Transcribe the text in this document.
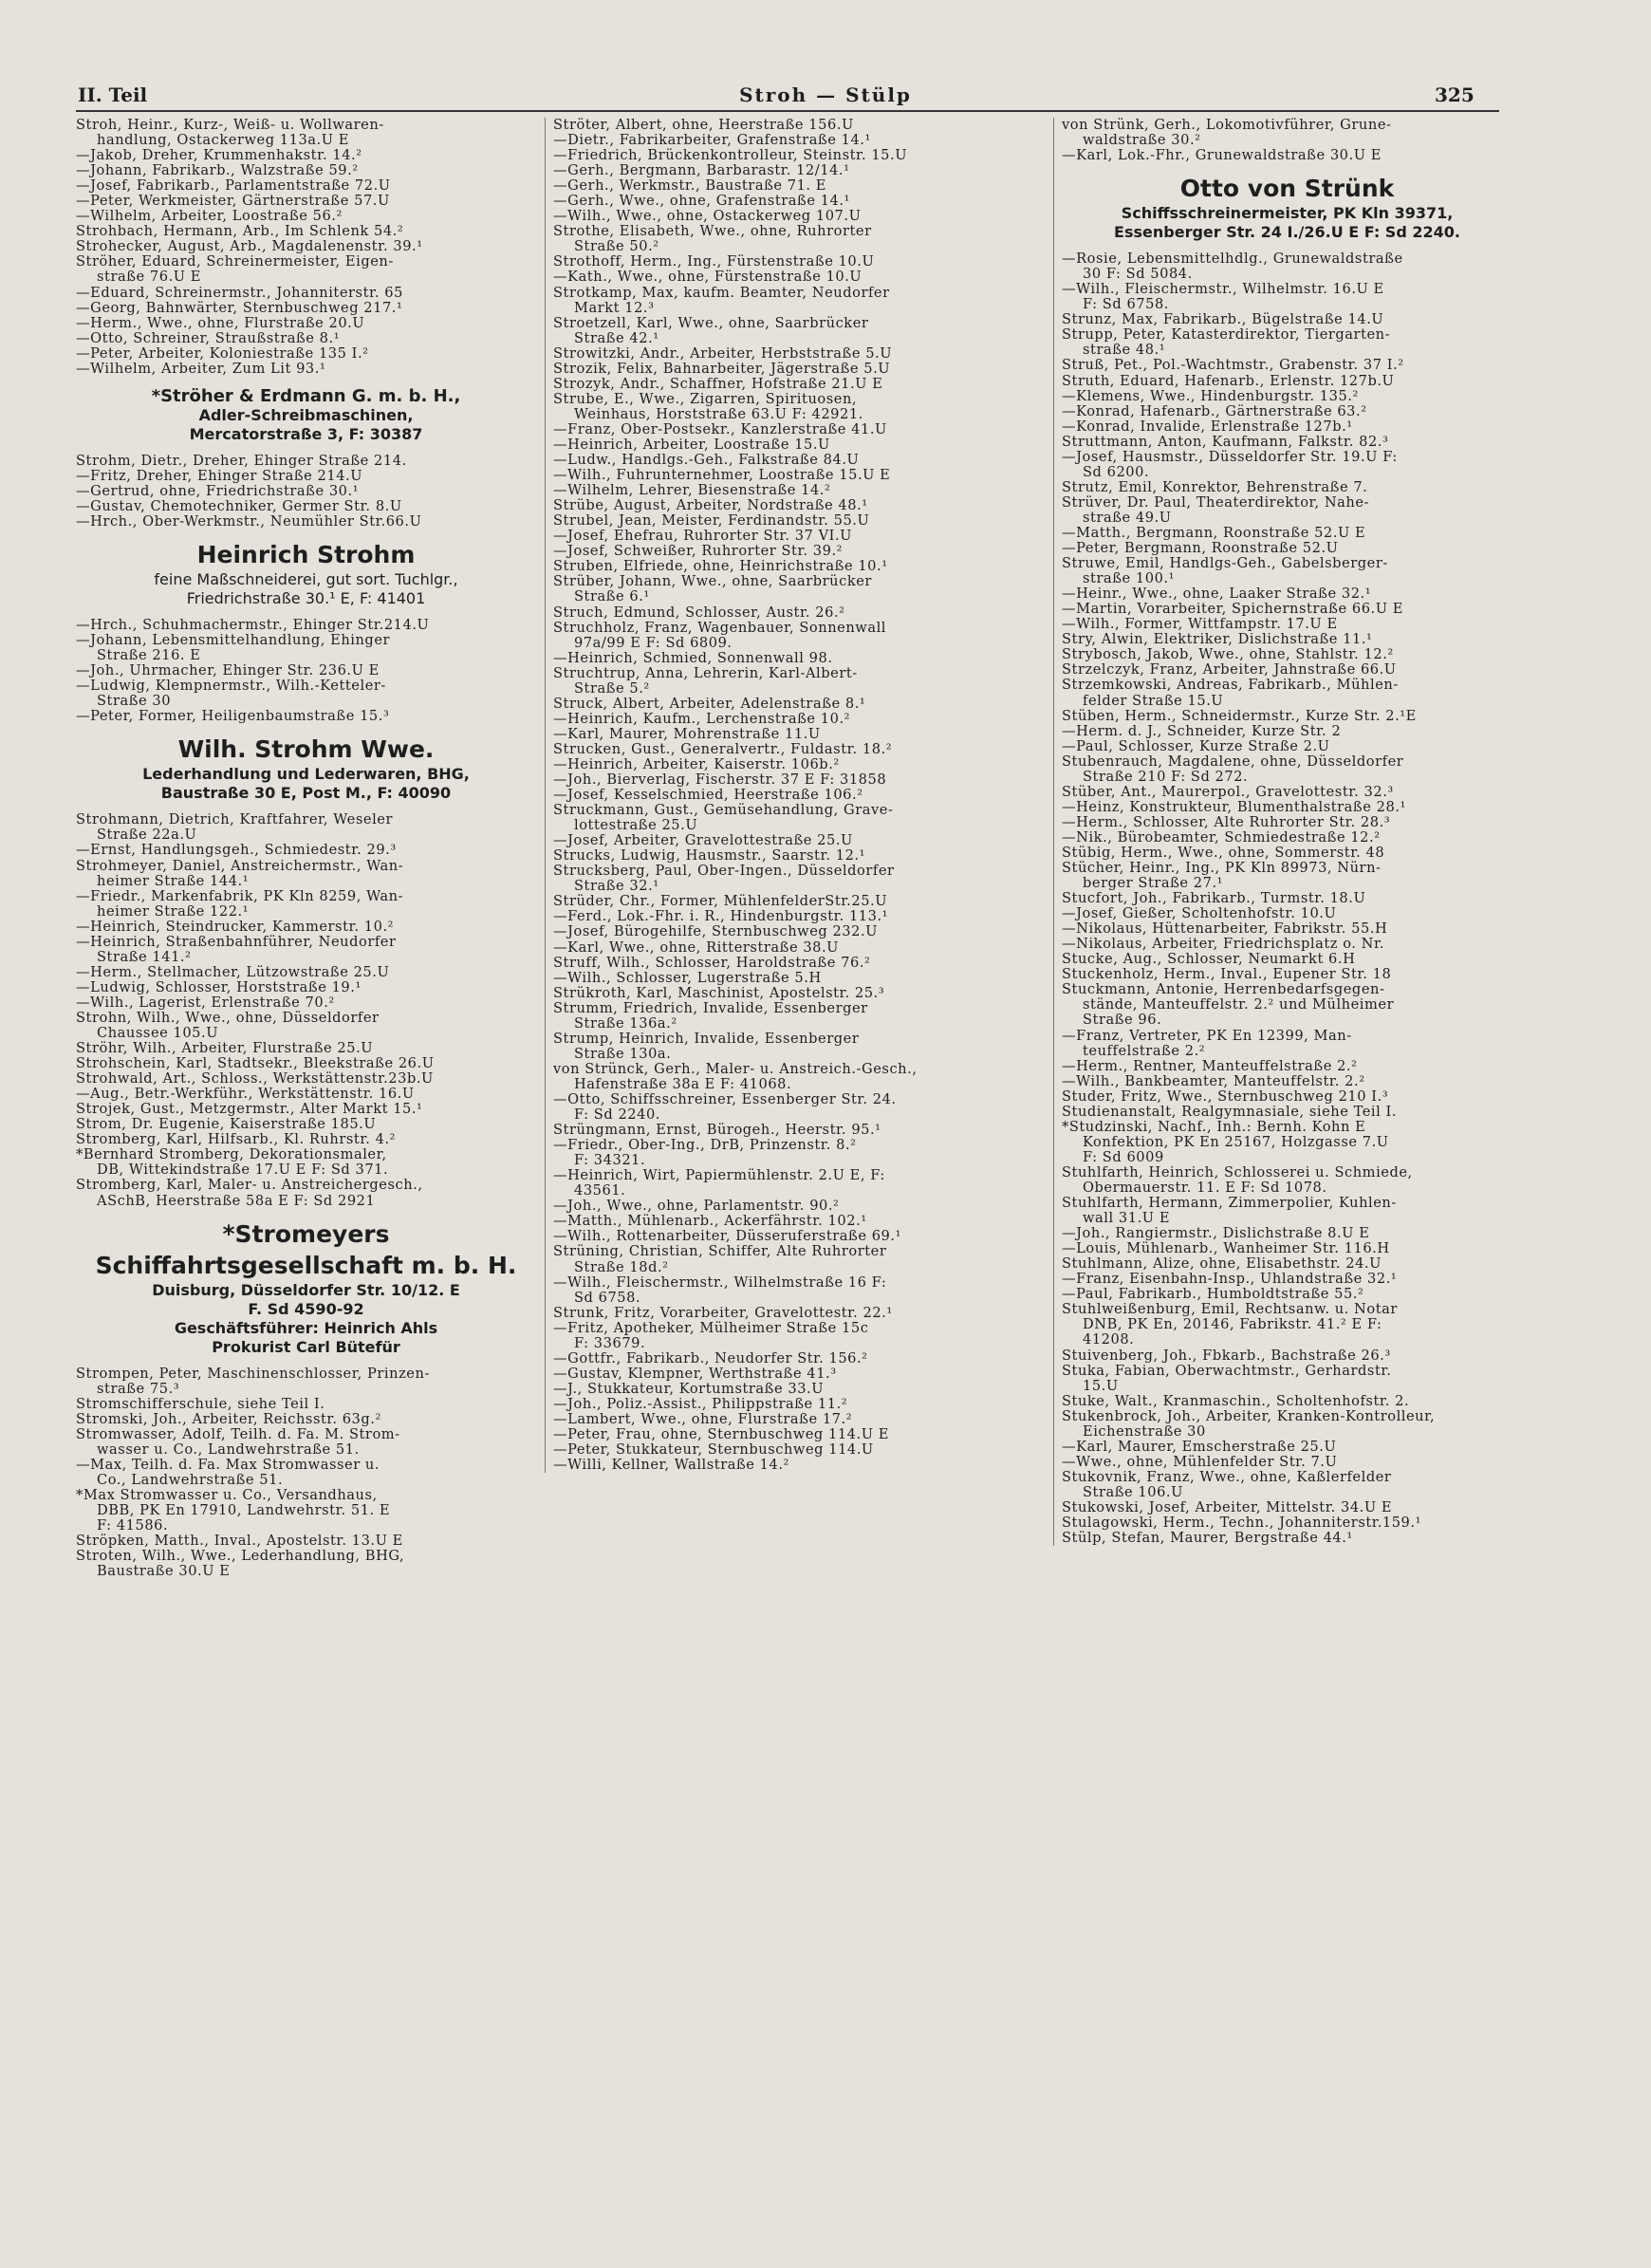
II. Teil	Stroh — Stülp	325
Stroh, Heinr., Kurz-, Weiß- u. Wollwaren-
handlung, Ostackerweg 113a.U E
—Jakob, Dreher, Krummenhakstr. 14.²
—Johann, Fabrikarb., Walzstraße 59.²
—Josef, Fabrikarb., Parlamentstraße 72.U
—Peter, Werkmeister, Gärtnerstraße 57.U
—Wilhelm, Arbeiter, Loostraße 56.²
Strohbach, Hermann, Arb., Im Schlenk 54.²
Strohecker, August, Arb., Magdalenenstr. 39.¹
Ströher, Eduard, Schreinermeister, Eigen-
straße 76.U E
—Eduard, Schreinermstr., Johanniterstr. 65
—Georg, Bahnwärter, Sternbuschweg 217.¹
—Herm., Wwe., ohne, Flurstraße 20.U
—Otto, Schreiner, Straußstraße 8.¹
—Peter, Arbeiter, Koloniestraße 135 I.²
—Wilhelm, Arbeiter, Zum Lit 93.¹
*Ströher & Erdmann G. m. b. H.,
Adler-Schreibmaschinen,
Mercatorstraße 3, F: 30387
Strohm, Dietr., Dreher, Ehinger Straße 214.
—Fritz, Dreher, Ehinger Straße 214.U
—Gertrud, ohne, Friedrichstraße 30.¹
—Gustav, Chemotechniker, Germer Str. 8.U
—Hrch., Ober-Werkmstr., Neumühler Str.66.U
Heinrich Strohm
feine Maßschneiderei, gut sort. Tuchlgr.,
Friedrichstraße 30.¹ E, F: 41401
—Hrch., Schuhmachermstr., Ehinger Str.214.U
—Johann, Lebensmittelhandlung, Ehinger
Straße 216. E
—Joh., Uhrmacher, Ehinger Str. 236.U E
—Ludwig, Klempnermstr., Wilh.-Ketteler-
Straße 30
—Peter, Former, Heiligenbaumstraße 15.³
Wilh. Strohm Wwe.
Lederhandlung und Lederwaren, BHG,
Baustraße 30 E, Post M., F: 40090
Strohmann, Dietrich, Kraftfahrer, Weseler
Straße 22a.U
—Ernst, Handlungsgeh., Schmiedestr. 29.³
Strohmeyer, Daniel, Anstreichermstr., Wan-
heimer Straße 144.¹
—Friedr., Markenfabrik, PK Kln 8259, Wan-
heimer Straße 122.¹
—Heinrich, Steindrucker, Kammerstr. 10.²
—Heinrich, Straßenbahnführer, Neudorfer
Straße 141.²
—Herm., Stellmacher, Lützowstraße 25.U
—Ludwig, Schlosser, Horststraße 19.¹
—Wilh., Lagerist, Erlenstraße 70.²
Strohn, Wilh., Wwe., ohne, Düsseldorfer
Chaussee 105.U
Ströhr, Wilh., Arbeiter, Flurstraße 25.U
Strohschein, Karl, Stadtsekr., Bleekstraße 26.U
Strohwald, Art., Schloss., Werkstättenstr.23b.U
—Aug., Betr.-Werkführ., Werkstättenstr. 16.U
Strojek, Gust., Metzgermstr., Alter Markt 15.¹
Strom, Dr. Eugenie, Kaiserstraße 185.U
Stromberg, Karl, Hilfsarb., Kl. Ruhrstr. 4.²
*Bernhard Stromberg, Dekorationsmaler,
DB, Wittekindstraße 17.U E F: Sd 371.
Stromberg, Karl, Maler- u. Anstreichergesch.,
ASchB, Heerstraße 58a E F: Sd 2921
*Stromeyers
Schiffahrtsgesellschaft m. b. H.
Duisburg, Düsseldorfer Str. 10/12. E
F. Sd 4590-92
Geschäftsführer: Heinrich Ahls
Prokurist Carl Bütefür
Strompen, Peter, Maschinenschlosser, Prinzen-
straße 75.³
Stromschifferschule, siehe Teil I.
Stromski, Joh., Arbeiter, Reichsstr. 63g.²
Stromwasser, Adolf, Teilh. d. Fa. M. Strom-
wasser u. Co., Landwehrstraße 51.
—Max, Teilh. d. Fa. Max Stromwasser u.
Co., Landwehrstraße 51.
*Max Stromwasser u. Co., Versandhaus,
DBB, PK En 17910, Landwehrstr. 51. E
F: 41586.
Ströpken, Matth., Inval., Apostelstr. 13.U E
Stroten, Wilh., Wwe., Lederhandlung, BHG,
Baustraße 30.U E
Ströter, Albert, ohne, Heerstraße 156.U
—Dietr., Fabrikarbeiter, Grafenstraße 14.¹
—Friedrich, Brückenkontrolleur, Steinstr. 15.U
—Gerh., Bergmann, Barbarastr. 12/14.¹
—Gerh., Werkmstr., Baustraße 71. E
—Gerh., Wwe., ohne, Grafenstraße 14.¹
—Wilh., Wwe., ohne, Ostackerweg 107.U
Strothe, Elisabeth, Wwe., ohne, Ruhrorter
Straße 50.²
Strothoff, Herm., Ing., Fürstenstraße 10.U
—Kath., Wwe., ohne, Fürstenstraße 10.U
Strotkamp, Max, kaufm. Beamter, Neudorfer
Markt 12.³
Stroetzell, Karl, Wwe., ohne, Saarbrücker
Straße 42.¹
Strowitzki, Andr., Arbeiter, Herbststraße 5.U
Strozik, Felix, Bahnarbeiter, Jägerstraße 5.U
Strozyk, Andr., Schaffner, Hofstraße 21.U E
Strube, E., Wwe., Zigarren, Spirituosen,
Weinhaus, Horststraße 63.U F: 42921.
—Franz, Ober-Postsekr., Kanzlerstraße 41.U
—Heinrich, Arbeiter, Loostraße 15.U
—Ludw., Handlgs.-Geh., Falkstraße 84.U
—Wilh., Fuhrunternehmer, Loostraße 15.U E
—Wilhelm, Lehrer, Biesenstraße 14.²
Strübe, August, Arbeiter, Nordstraße 48.¹
Strubel, Jean, Meister, Ferdinandstr. 55.U
—Josef, Ehefrau, Ruhrorter Str. 37 VI.U
—Josef, Schweißer, Ruhrorter Str. 39.²
Struben, Elfriede, ohne, Heinrichstraße 10.¹
Strüber, Johann, Wwe., ohne, Saarbrücker
Straße 6.¹
Struch, Edmund, Schlosser, Austr. 26.²
Struchholz, Franz, Wagenbauer, Sonnenwall
97a/99 E F: Sd 6809.
—Heinrich, Schmied, Sonnenwall 98.
Struchtrup, Anna, Lehrerin, Karl-Albert-
Straße 5.²
Struck, Albert, Arbeiter, Adelenstraße 8.¹
—Heinrich, Kaufm., Lerchenstraße 10.²
—Karl, Maurer, Mohrenstraße 11.U
Strucken, Gust., Generalvertr., Fuldastr. 18.²
—Heinrich, Arbeiter, Kaiserstr. 106b.²
—Joh., Bierverlag, Fischerstr. 37 E F: 31858
—Josef, Kesselschmied, Heerstraße 106.²
Struckmann, Gust., Gemüsehandlung, Grave-
lottestraße 25.U
—Josef, Arbeiter, Gravelottestraße 25.U
Strucks, Ludwig, Hausmstr., Saarstr. 12.¹
Strucksberg, Paul, Ober-Ingen., Düsseldorfer
Straße 32.¹
Strüder, Chr., Former, MühlenfelderStr.25.U
—Ferd., Lok.-Fhr. i. R., Hindenburgstr. 113.¹
—Josef, Bürogehilfe, Sternbuschweg 232.U
—Karl, Wwe., ohne, Ritterstraße 38.U
Struff, Wilh., Schlosser, Haroldstraße 76.²
—Wilh., Schlosser, Lugerstraße 5.H
Strükroth, Karl, Maschinist, Apostelstr. 25.³
Strumm, Friedrich, Invalide, Essenberger
Straße 136a.²
Strump, Heinrich, Invalide, Essenberger
Straße 130a.
von Strünck, Gerh., Maler- u. Anstreich.-Gesch.,
Hafenstraße 38a E F: 41068.
—Otto, Schiffsschreiner, Essenberger Str. 24.
F: Sd 2240.
Strüngmann, Ernst, Bürogeh., Heerstr. 95.¹
—Friedr., Ober-Ing., DrB, Prinzenstr. 8.²
F: 34321.
—Heinrich, Wirt, Papiermühlenstr. 2.U E, F:
43561.
—Joh., Wwe., ohne, Parlamentstr. 90.²
—Matth., Mühlenarb., Ackerfährstr. 102.¹
—Wilh., Rottenarbeiter, Düsseruferstraße 69.¹
Strüning, Christian, Schiffer, Alte Ruhrorter
Straße 18d.²
—Wilh., Fleischermstr., Wilhelmstraße 16 F:
Sd 6758.
Strunk, Fritz, Vorarbeiter, Gravelottestr. 22.¹
—Fritz, Apotheker, Mülheimer Straße 15c
F: 33679.
—Gottfr., Fabrikarb., Neudorfer Str. 156.²
—Gustav, Klempner, Werthstraße 41.³
—J., Stukkateur, Kortumstraße 33.U
—Joh., Poliz.-Assist., Philippstraße 11.²
—Lambert, Wwe., ohne, Flurstraße 17.²
—Peter, Frau, ohne, Sternbuschweg 114.U E
—Peter, Stukkateur, Sternbuschweg 114.U
—Willi, Kellner, Wallstraße 14.²
von Strünk, Gerh., Lokomotivführer, Grune-
waldstraße 30.²
—Karl, Lok.-Fhr., Grunewaldstraße 30.U E
Otto von Strünk
Schiffsschreinermeister, PK Kln 39371,
Essenberger Str. 24 I./26.U E F: Sd 2240.
—Rosie, Lebensmittelhdlg., Grunewaldstraße
30 F: Sd 5084.
—Wilh., Fleischermstr., Wilhelmstr. 16.U E
F: Sd 6758.
Strunz, Max, Fabrikarb., Bügelstraße 14.U
Strupp, Peter, Katasterdirektor, Tiergarten-
straße 48.¹
Struß, Pet., Pol.-Wachtmstr., Grabenstr. 37 I.²
Struth, Eduard, Hafenarb., Erlenstr. 127b.U
—Klemens, Wwe., Hindenburgstr. 135.²
—Konrad, Hafenarb., Gärtnerstraße 63.²
—Konrad, Invalide, Erlenstraße 127b.¹
Struttmann, Anton, Kaufmann, Falkstr. 82.³
—Josef, Hausmstr., Düsseldorfer Str. 19.U F:
Sd 6200.
Strutz, Emil, Konrektor, Behrenstraße 7.
Strüver, Dr. Paul, Theaterdirektor, Nahe-
straße 49.U
—Matth., Bergmann, Roonstraße 52.U E
—Peter, Bergmann, Roonstraße 52.U
Struwe, Emil, Handlgs-Geh., Gabelsberger-
straße 100.¹
—Heinr., Wwe., ohne, Laaker Straße 32.¹
—Martin, Vorarbeiter, Spichernstraße 66.U E
—Wilh., Former, Wittfampstr. 17.U E
Stry, Alwin, Elektriker, Dislichstraße 11.¹
Strybosch, Jakob, Wwe., ohne, Stahlstr. 12.²
Strzelczyk, Franz, Arbeiter, Jahnstraße 66.U
Strzemkowski, Andreas, Fabrikarb., Mühlen-
felder Straße 15.U
Stüben, Herm., Schneidermstr., Kurze Str. 2.¹E
—Herm. d. J., Schneider, Kurze Str. 2
—Paul, Schlosser, Kurze Straße 2.U
Stubenrauch, Magdalene, ohne, Düsseldorfer
Straße 210 F: Sd 272.
Stüber, Ant., Maurerpol., Gravelottestr. 32.³
—Heinz, Konstrukteur, Blumenthalstraße 28.¹
—Herm., Schlosser, Alte Ruhrorter Str. 28.³
—Nik., Bürobeamter, Schmiedestraße 12.²
Stübig, Herm., Wwe., ohne, Sommerstr. 48
Stücher, Heinr., Ing., PK Kln 89973, Nürn-
berger Straße 27.¹
Stucfort, Joh., Fabrikarb., Turmstr. 18.U
—Josef, Gießer, Scholtenhofstr. 10.U
—Nikolaus, Hüttenarbeiter, Fabrikstr. 55.H
—Nikolaus, Arbeiter, Friedrichsplatz o. Nr.
Stucke, Aug., Schlosser, Neumarkt 6.H
Stuckenholz, Herm., Inval., Eupener Str. 18
Stuckmann, Antonie, Herrenbedarfsgegen-
stände, Manteuffelstr. 2.² und Mülheimer
Straße 96.
—Franz, Vertreter, PK En 12399, Man-
teuffelstraße 2.²
—Herm., Rentner, Manteuffelstraße 2.²
—Wilh., Bankbeamter, Manteuffelstr. 2.²
Studer, Fritz, Wwe., Sternbuschweg 210 I.³
Studienanstalt, Realgymnasiale, siehe Teil I.
*Studzinski, Nachf., Inh.: Bernh. Kohn E
Konfektion, PK En 25167, Holzgasse 7.U
F: Sd 6009
Stuhlfarth, Heinrich, Schlosserei u. Schmiede,
Obermauerstr. 11. E F: Sd 1078.
Stuhlfarth, Hermann, Zimmerpolier, Kuhlen-
wall 31.U E
—Joh., Rangiermstr., Dislichstraße 8.U E
—Louis, Mühlenarb., Wanheimer Str. 116.H
Stuhlmann, Alize, ohne, Elisabethstr. 24.U
—Franz, Eisenbahn-Insp., Uhlandstraße 32.¹
—Paul, Fabrikarb., Humboldtstraße 55.²
Stuhlweißenburg, Emil, Rechtsanw. u. Notar
DNB, PK En, 20146, Fabrikstr. 41.² E F:
41208.
Stuivenberg, Joh., Fbkarb., Bachstraße 26.³
Stuka, Fabian, Oberwachtmstr., Gerhardstr.
15.U
Stuke, Walt., Kranmaschin., Scholtenhofstr. 2.
Stukenbrock, Joh., Arbeiter, Kranken-Kontrolleur,
Eichenstraße 30
—Karl, Maurer, Emscherstraße 25.U
—Wwe., ohne, Mühlenfelder Str. 7.U
Stukovnik, Franz, Wwe., ohne, Kaßlerfelder
Straße 106.U
Stukowski, Josef, Arbeiter, Mittelstr. 34.U E
Stulagowski, Herm., Techn., Johanniterstr.159.¹
Stülp, Stefan, Maurer, Bergstraße 44.¹
